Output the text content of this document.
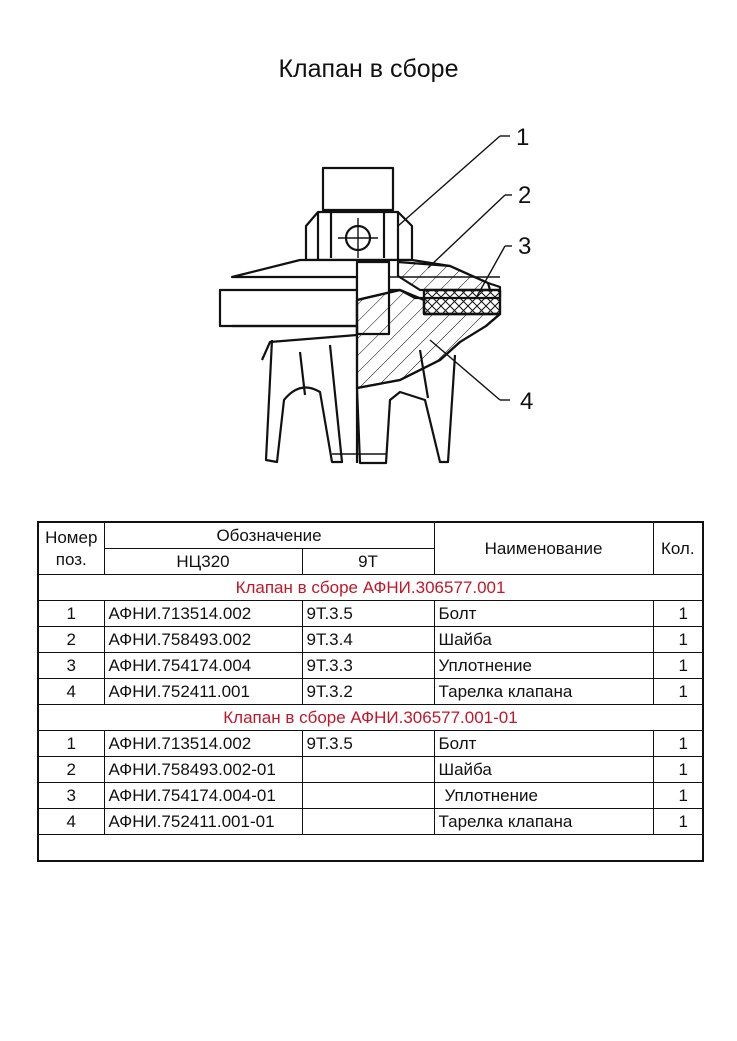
Клапан в сборе
1
2
3
4
Номер
поз.	Обозначение		Наименование	Кол.
	НЦ320	9Т		
Клапан в сборе АФНИ.306577.001				
1	АФНИ.713514.002	9Т.3.5	Болт	1
2	АФНИ.758493.002	9Т.3.4	Шайба	1
3	АФНИ.754174.004	9Т.3.3	Уплотнение	1
4	АФНИ.752411.001	9Т.3.2	Тарелка клапана	1
Клапан в сборе АФНИ.306577.001-01				
1	АФНИ.713514.002	9Т.3.5	Болт	1
2	АФНИ.758493.002-01		Шайба	1
3	АФНИ.754174.004-01		Уплотнение	1
4	АФНИ.752411.001-01		Тарелка клапана	1
